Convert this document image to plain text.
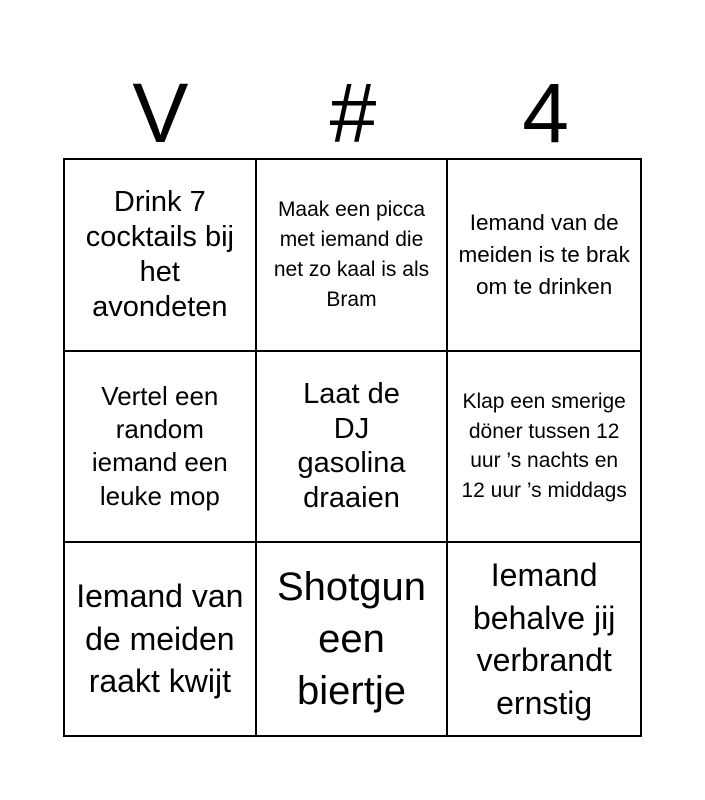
V	#	4
Drink 7 cocktails bij het avondeten
Maak een picca met iemand die net zo kaal is als Bram
Iemand van de meiden is te brak om te drinken
Vertel een random iemand een leuke mop
Laat de DJ gasolina draaien
Klap een smerige döner tussen 12 uur ’s nachts en 12 uur ’s middags
Iemand van de meiden raakt kwijt
Shotgun een biertje
Iemand behalve jij verbrandt ernstig
